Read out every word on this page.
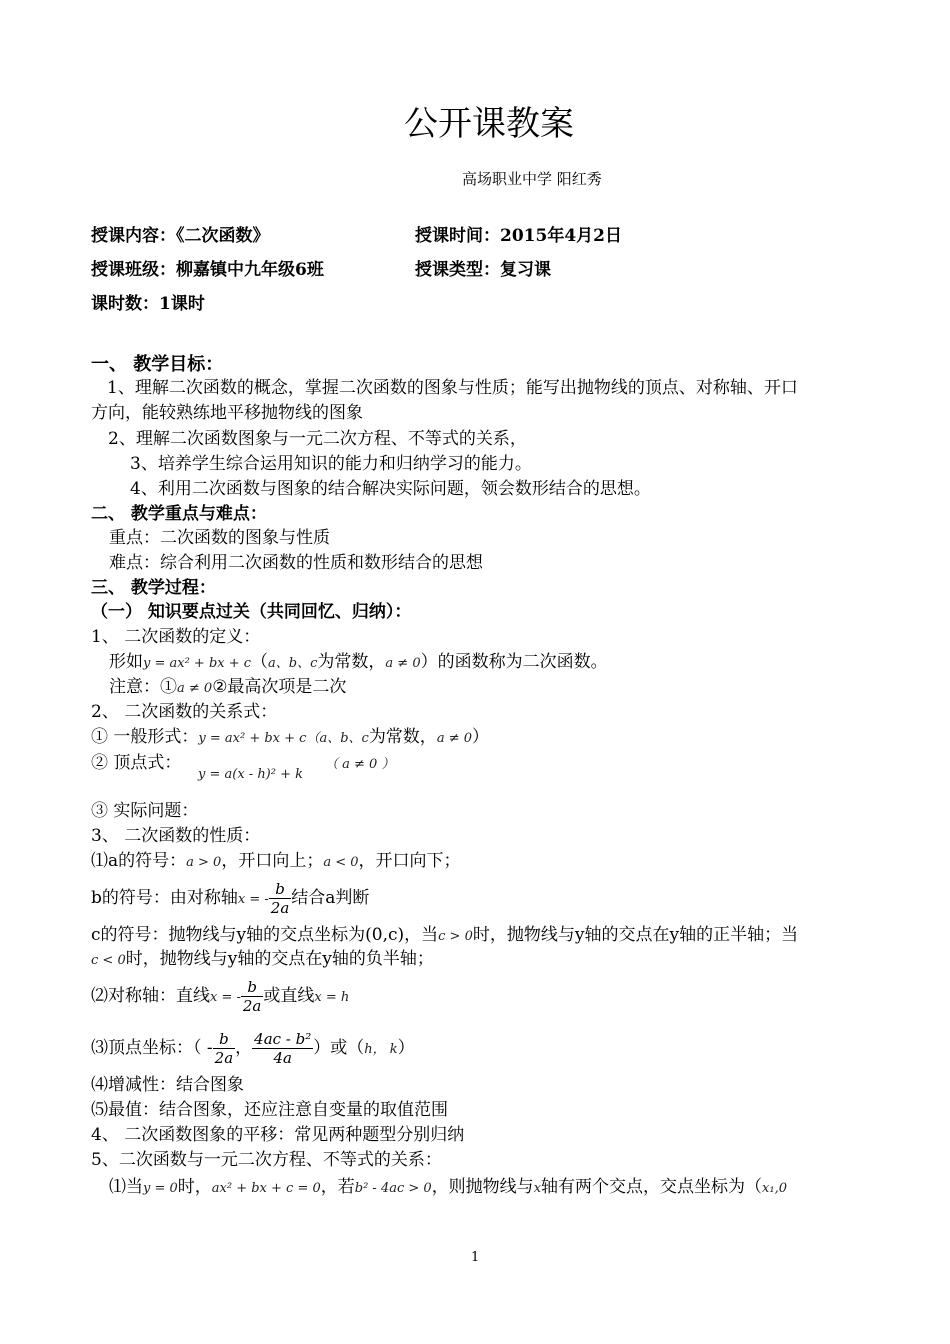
公开课教案
高场职业中学 阳红秀
授课内容：《二次函数》	授课时间：2015年4月2日
授课班级：柳嘉镇中九年级6班	授课类型：复习课
课时数：1课时
一、 教学目标：
1、理解二次函数的概念，掌握二次函数的图象与性质；能写出抛物线的顶点、对称轴、开口
方向，能较熟练地平移抛物线的图象
2、理解二次函数图象与一元二次方程、不等式的关系，
3、培养学生综合运用知识的能力和归纳学习的能力。
4、利用二次函数与图象的结合解决实际问题，领会数形结合的思想。
二、 教学重点与难点：
重点：二次函数的图象与性质
难点：综合利用二次函数的性质和数形结合的思想
三、 教学过程：
（一） 知识要点过关（共同回忆、归纳）：
1、 二次函数的定义：
形如y = ax² + bx + c（a、b、c为常数，a ≠ 0）的函数称为二次函数。
注意：①a ≠ 0②最高次项是二次
2、 二次函数的关系式：
① 一般形式：y = ax² + bx + c（a、b、c为常数，a ≠ 0）
② 顶点式：
y = a(x - h)² + k
（ a ≠ 0 ）
③ 实际问题：
3、 二次函数的性质：
⑴a的符号：a > 0，开口向上；a < 0，开口向下；
b的符号：由对称轴x = - $\frac{b}{2a}$ 结合a判断
c的符号：抛物线与y轴的交点坐标为(0,c)，当c > 0时，抛物线与y轴的交点在y轴的正半轴；当
c < 0时，抛物线与y轴的交点在y轴的负半轴；
⑵对称轴：直线x = - $\frac{b}{2a}$ 或直线x = h
⑶顶点坐标：（ - $\frac{b}{2a}$ ， $\frac{\text{4ac - b²}}{4a}$ ）或（h， k）
⑷增减性：结合图象
⑸最值：结合图象，还应注意自变量的取值范围
4、 二次函数图象的平移：常见两种题型分别归纳
5、二次函数与一元二次方程、不等式的关系：
⑴当y = 0时，ax² + bx + c = 0，若b² - 4ac > 0，则抛物线与x轴有两个交点，交点坐标为（x₁,0
1
